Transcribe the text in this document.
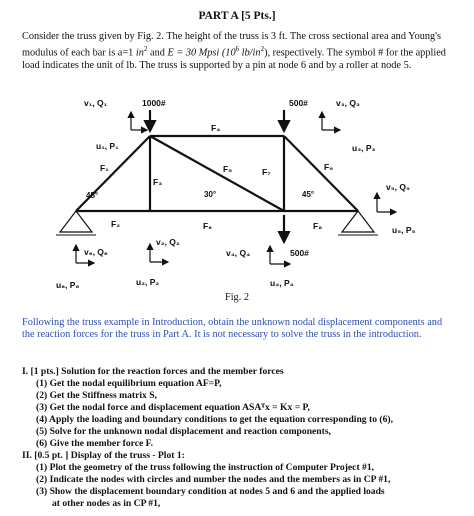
PART A [5 Pts.]
Consider the truss given by Fig. 2. The height of the truss is 3 ft. The cross sectional area and Young's modulus of each bar is a=1 $in^2$ and E = 30 Mpsi ($10^6$ $lb/in^2$), respectively. The symbol # for the applied load indicates the unit of lb. The truss is supported by a pin at node 6 and by a roller at node 5.
v₁, Q₁
u₁, P₁
1000#	500#	v₃, Q₃
u₃, P₃
F₄
F₁
F₃
F₅	F₇	F₉
F₂	F₆	F₈
45°	30°	45°
v₅, Q₅
u₅, P₅
v₂, Q₂
u₂, P₂
v₆, Q₆
u₆, P₆
v₄, Q₄	500#
u₄, P₄
Fig. 2
Following the truss example in Introduction, obtain the unknown nodal displacement components and the reaction forces for the truss in Part A. It is not necessary to solve the truss in the introduction.
I. [1 pts.] Solution for the reaction forces and the member forces
(1) Get the nodal equilibrium equation AF=P,
(2) Get the Stiffness matrix S,
(3) Get the nodal force and displacement equation ASAᵀx = Kx = P,
(4) Apply the loading and boundary conditions to get the equation corresponding to (6),
(5) Solve for the unknown nodal displacement and reaction components,
(6) Give the member force F.
II. [0.5 pt. ] Display of the truss - Plot 1:
(1) Plot the geometry of the truss following the instruction of Computer Project #1,
(2) Indicate the nodes with circles and number the nodes and the members as in CP #1,
(3) Show the displacement boundary condition at nodes 5 and 6 and the applied loads
at other nodes as in CP #1,
